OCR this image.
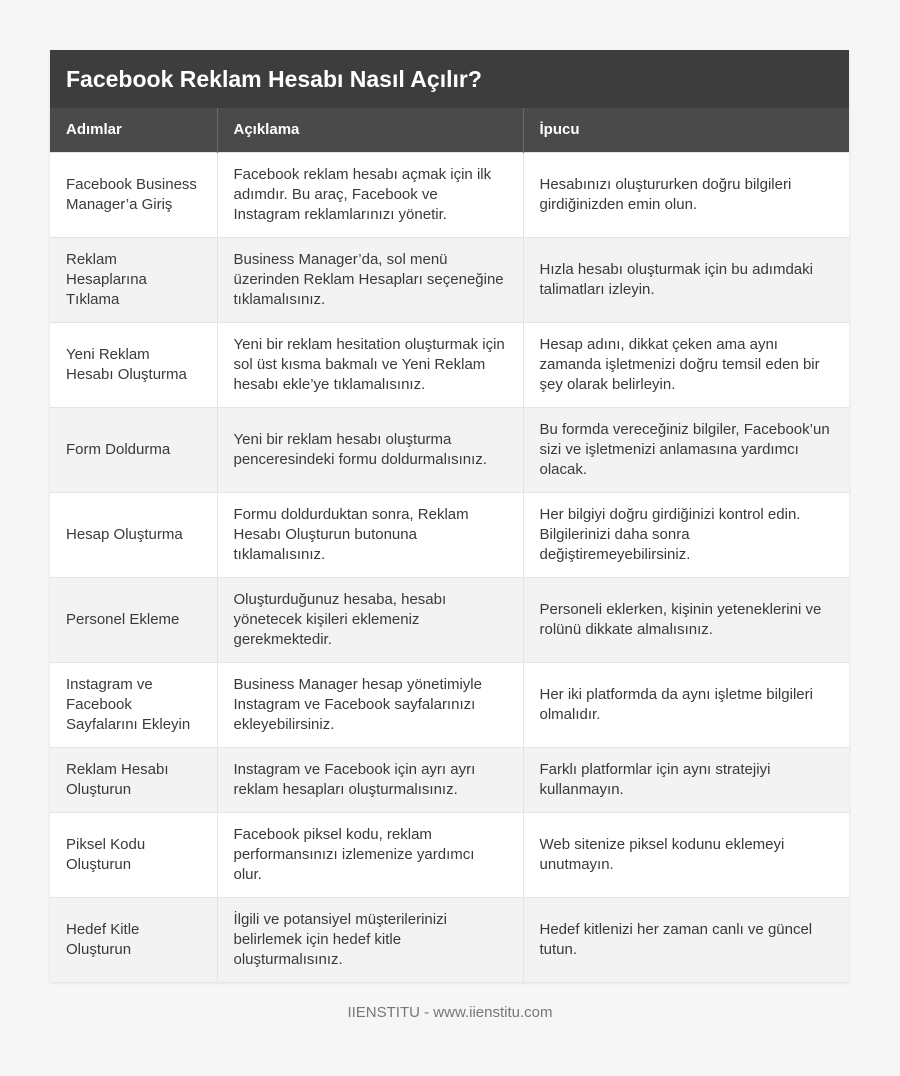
Facebook Reklam Hesabı Nasıl Açılır?
Adımlar	Açıklama	İpucu
Facebook Business Manager’a Giriş	Facebook reklam hesabı açmak için ilk adımdır. Bu araç, Facebook ve Instagram reklamlarınızı yönetir.	Hesabınızı oluştururken doğru bilgileri girdiğinizden emin olun.
Reklam Hesaplarına Tıklama	Business Manager’da, sol menü üzerinden Reklam Hesapları seçeneğine tıklamalısınız.	Hızla hesabı oluşturmak için bu adımdaki talimatları izleyin.
Yeni Reklam Hesabı Oluşturma	Yeni bir reklam hesitation oluşturmak için sol üst kısma bakmalı ve Yeni Reklam hesabı ekle’ye tıklamalısınız.	Hesap adını, dikkat çeken ama aynı zamanda işletmenizi doğru temsil eden bir şey olarak belirleyin.
Form Doldurma	Yeni bir reklam hesabı oluşturma penceresindeki formu doldurmalısınız.	Bu formda vereceğiniz bilgiler, Facebook’un sizi ve işletmenizi anlamasına yardımcı olacak.
Hesap Oluşturma	Formu doldurduktan sonra, Reklam Hesabı Oluşturun butonuna tıklamalısınız.	Her bilgiyi doğru girdiğinizi kontrol edin. Bilgilerinizi daha sonra değiştiremeyebilirsiniz.
Personel Ekleme	Oluşturduğunuz hesaba, hesabı yönetecek kişileri eklemeniz gerekmektedir.	Personeli eklerken, kişinin yeteneklerini ve rolünü dikkate almalısınız.
Instagram ve Facebook Sayfalarını Ekleyin	Business Manager hesap yönetimiyle Instagram ve Facebook sayfalarınızı ekleyebilirsiniz.	Her iki platformda da aynı işletme bilgileri olmalıdır.
Reklam Hesabı Oluşturun	Instagram ve Facebook için ayrı ayrı reklam hesapları oluşturmalısınız.	Farklı platformlar için aynı stratejiyi kullanmayın.
Piksel Kodu Oluşturun	Facebook piksel kodu, reklam performansınızı izlemenize yardımcı olur.	Web sitenize piksel kodunu eklemeyi unutmayın.
Hedef Kitle Oluşturun	İlgili ve potansiyel müşterilerinizi belirlemek için hedef kitle oluşturmalısınız.	Hedef kitlenizi her zaman canlı ve güncel tutun.
IIENSTITU - www.iienstitu.com
